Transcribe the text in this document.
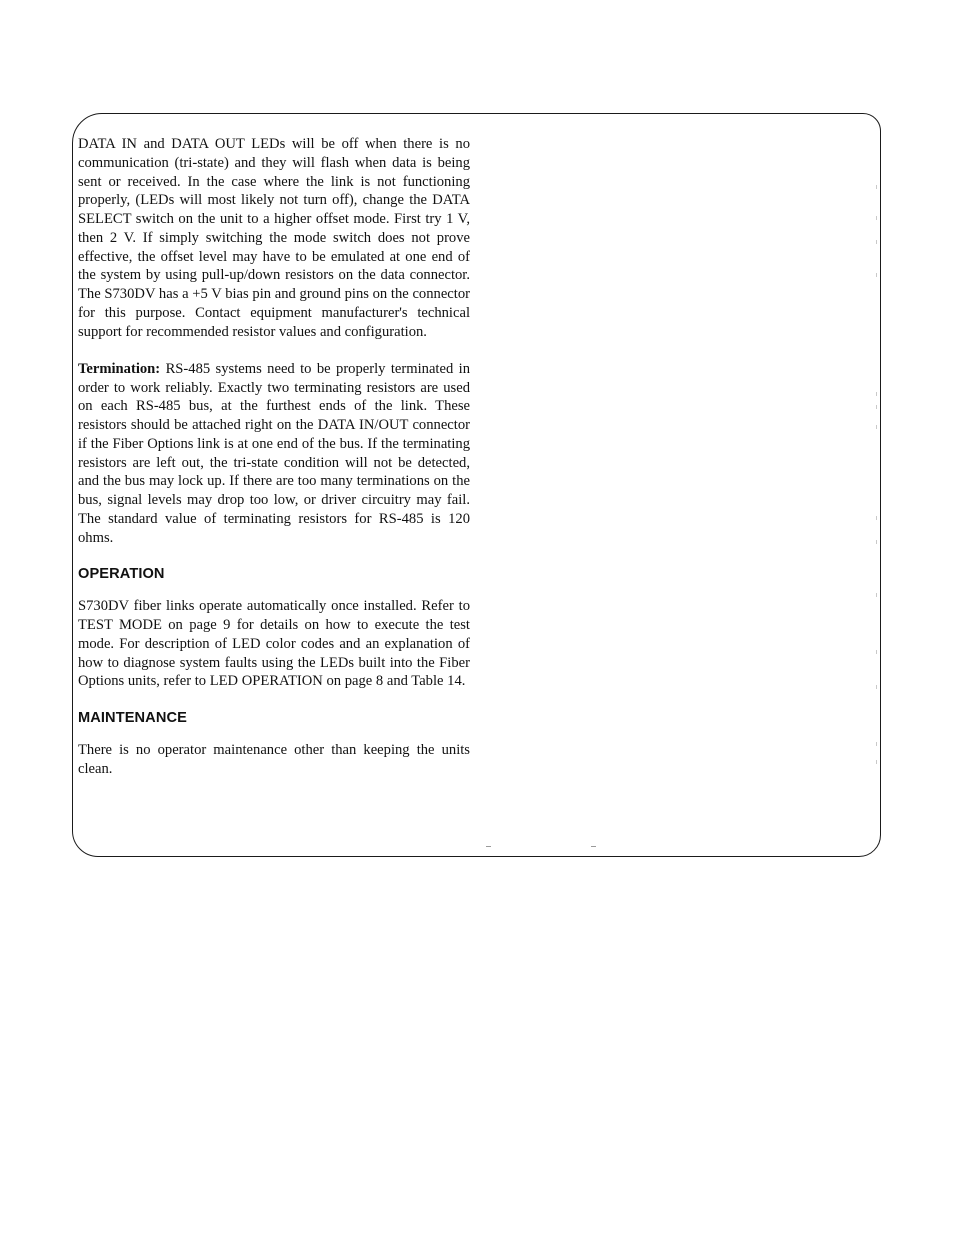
DATA IN and DATA OUT LEDs will be off when there is no communication (tri-state) and they will flash when data is being sent or received. In the case where the link is not functioning properly, (LEDs will most likely not turn off), change the DATA SELECT switch on the unit to a higher offset mode. First try 1 V, then 2 V. If simply switching the mode switch does not prove effective, the offset level may have to be emulated at one end of the system by using pull-up/down resistors on the data connector. The S730DV has a +5 V bias pin and ground pins on the connector for this purpose. Contact equipment manufacturer's technical support for recommended resistor values and configuration.

Termination: RS-485 systems need to be properly terminated in order to work reliably. Exactly two terminating resistors are used on each RS-485 bus, at the furthest ends of the link. These resistors should be attached right on the DATA IN/OUT connector if the Fiber Options link is at one end of the bus. If the terminating resistors are left out, the tri-state condition will not be detected, and the bus may lock up. If there are too many terminations on the bus, signal levels may drop too low, or driver circuitry may fail. The standard value of terminating resistors for RS-485 is 120 ohms.

OPERATION

S730DV fiber links operate automatically once installed. Refer to TEST MODE on page 9 for details on how to execute the test mode. For description of LED color codes and an explanation of how to diagnose system faults using the LEDs built into the Fiber Options units, refer to LED OPERATION on page 8 and Table 14.

MAINTENANCE

There is no operator maintenance other than keeping the units clean.
